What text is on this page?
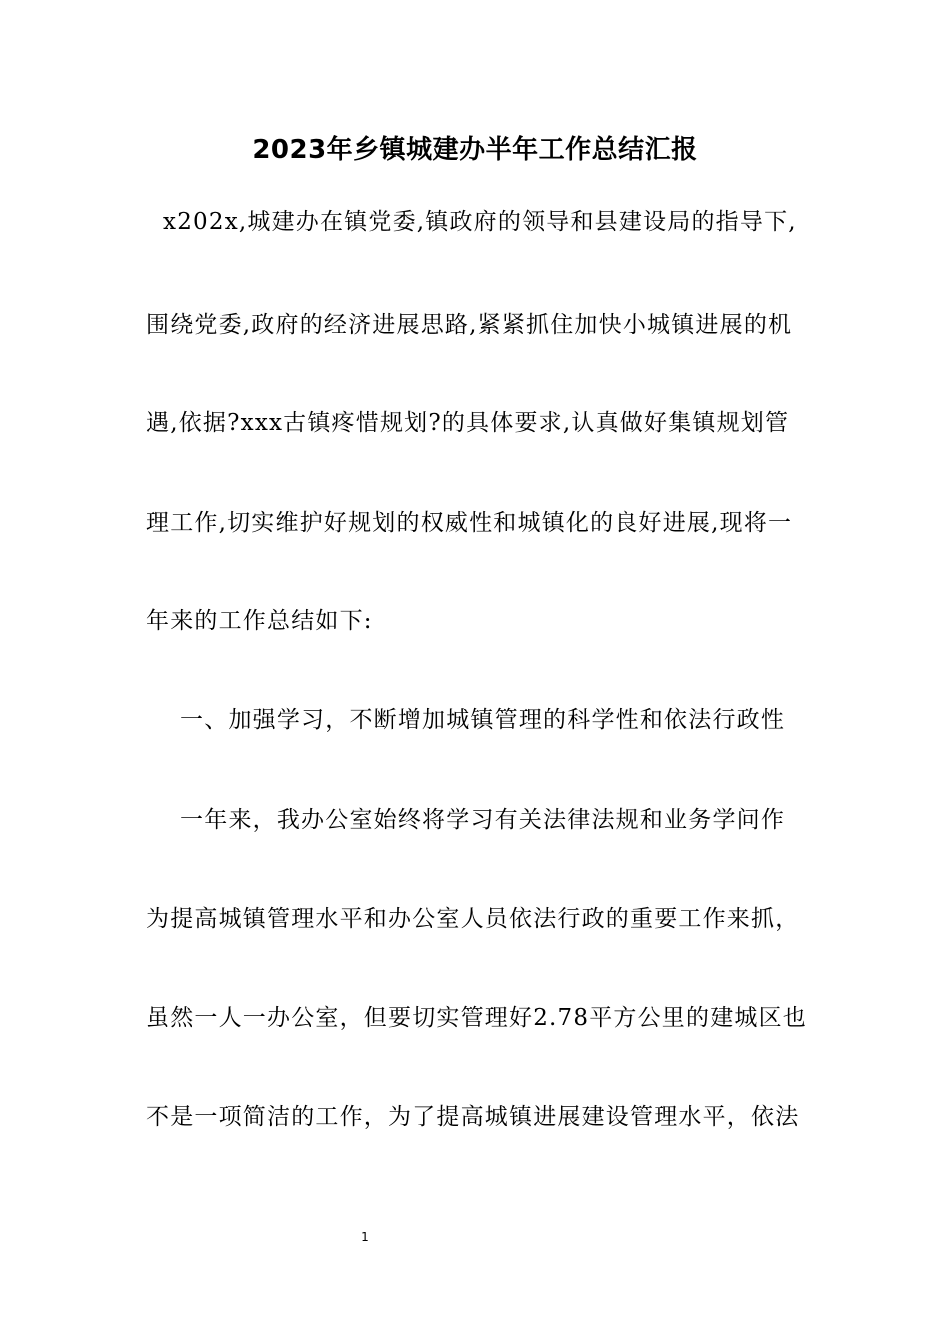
2023年乡镇城建办半年工作总结汇报
x202x,城建办在镇党委,镇政府的领导和县建设局的指导下,
围绕党委,政府的经济进展思路,紧紧抓住加快小城镇进展的机
遇,依据?xxx古镇疼惜规划?的具体要求,认真做好集镇规划管
理工作,切实维护好规划的权威性和城镇化的良好进展,现将一
年来的工作总结如下:
一、加强学习，不断增加城镇管理的科学性和依法行政性
一年来，我办公室始终将学习有关法律法规和业务学问作
为提高城镇管理水平和办公室人员依法行政的重要工作来抓，
虽然一人一办公室，但要切实管理好2.78平方公里的建城区也
不是一项简洁的工作，为了提高城镇进展建设管理水平，依法
1
